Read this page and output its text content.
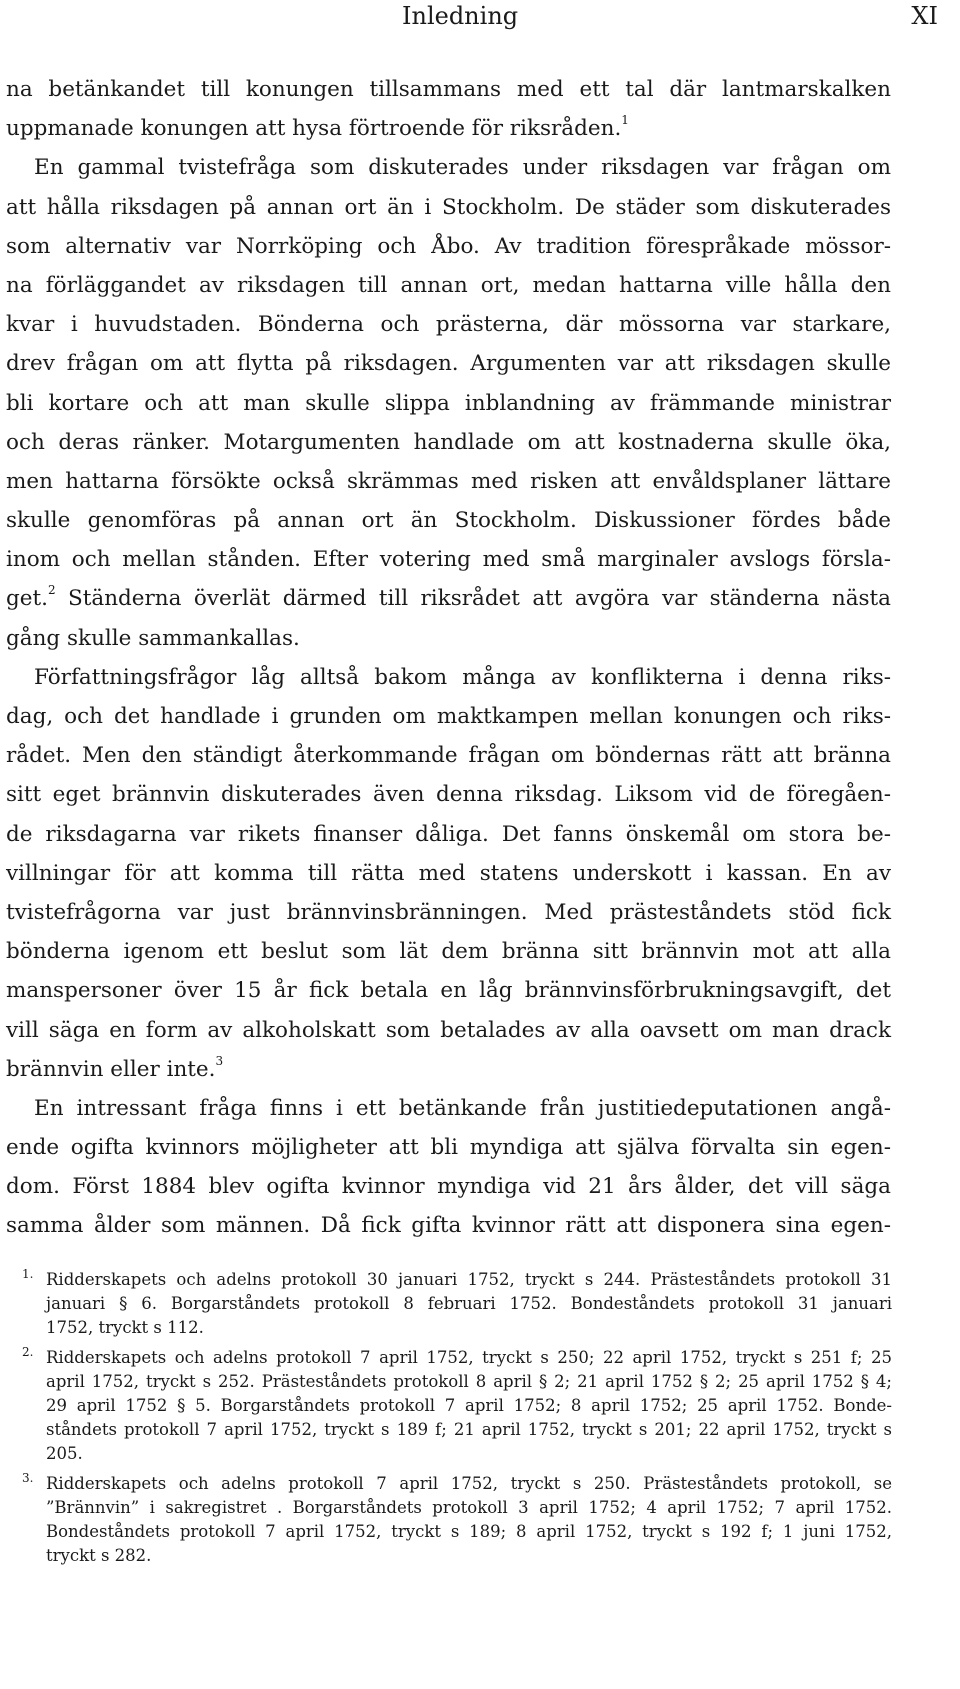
Inledning	XI
na betänkandet till konungen tillsammans med ett tal där lantmarskalken
uppmanade konungen att hysa förtroende för riksråden.$^1$
En gammal tvistefråga som diskuterades under riksdagen var frågan om
att hålla riksdagen på annan ort än i Stockholm. De städer som diskuterades
som alternativ var Norrköping och Åbo. Av tradition förespråkade mössor-
na förläggandet av riksdagen till annan ort, medan hattarna ville hålla den
kvar i huvudstaden. Bönderna och prästerna, där mössorna var starkare,
drev frågan om att flytta på riksdagen. Argumenten var att riksdagen skulle
bli kortare och att man skulle slippa inblandning av främmande ministrar
och deras ränker. Motargumenten handlade om att kostnaderna skulle öka,
men hattarna försökte också skrämmas med risken att envåldsplaner lättare
skulle genomföras på annan ort än Stockholm. Diskussioner fördes både
inom och mellan stånden. Efter votering med små marginaler avslogs försla-
get.$^2$ Ständerna överlät därmed till riksrådet att avgöra var ständerna nästa
gång skulle sammankallas.
Författningsfrågor låg alltså bakom många av konflikterna i denna riks-
dag, och det handlade i grunden om maktkampen mellan konungen och riks-
rådet. Men den ständigt återkommande frågan om böndernas rätt att bränna
sitt eget brännvin diskuterades även denna riksdag. Liksom vid de föregåen-
de riksdagarna var rikets finanser dåliga. Det fanns önskemål om stora be-
villningar för att komma till rätta med statens underskott i kassan. En av
tvistefrågorna var just brännvinsbränningen. Med prästeståndets stöd fick
bönderna igenom ett beslut som lät dem bränna sitt brännvin mot att alla
manspersoner över 15 år fick betala en låg brännvinsförbrukningsavgift, det
vill säga en form av alkoholskatt som betalades av alla oavsett om man drack
brännvin eller inte.$^3$
En intressant fråga finns i ett betänkande från justitiedeputationen angå-
ende ogifta kvinnors möjligheter att bli myndiga att själva förvalta sin egen-
dom. Först 1884 blev ogifta kvinnor myndiga vid 21 års ålder, det vill säga
samma ålder som männen. Då fick gifta kvinnor rätt att disponera sina egen-
1. Ridderskapets och adelns protokoll 30 januari 1752, tryckt s 244. Prästeståndets protokoll 31
januari § 6. Borgarståndets protokoll 8 februari 1752. Bondeståndets protokoll 31 januari
1752, tryckt s 112.
2. Ridderskapets och adelns protokoll 7 april 1752, tryckt s 250; 22 april 1752, tryckt s 251 f; 25
april 1752, tryckt s 252. Prästeståndets protokoll 8 april § 2; 21 april 1752 § 2; 25 april 1752 § 4;
29 april 1752 § 5. Borgarståndets protokoll 7 april 1752; 8 april 1752; 25 april 1752. Bonde-
ståndets protokoll 7 april 1752, tryckt s 189 f; 21 april 1752, tryckt s 201; 22 april 1752, tryckt s
205.
3. Ridderskapets och adelns protokoll 7 april 1752, tryckt s 250. Prästeståndets protokoll, se
”Brännvin” i sakregistret . Borgarståndets protokoll 3 april 1752; 4 april 1752; 7 april 1752.
Bondeståndets protokoll 7 april 1752, tryckt s 189; 8 april 1752, tryckt s 192 f; 1 juni 1752,
tryckt s 282.
